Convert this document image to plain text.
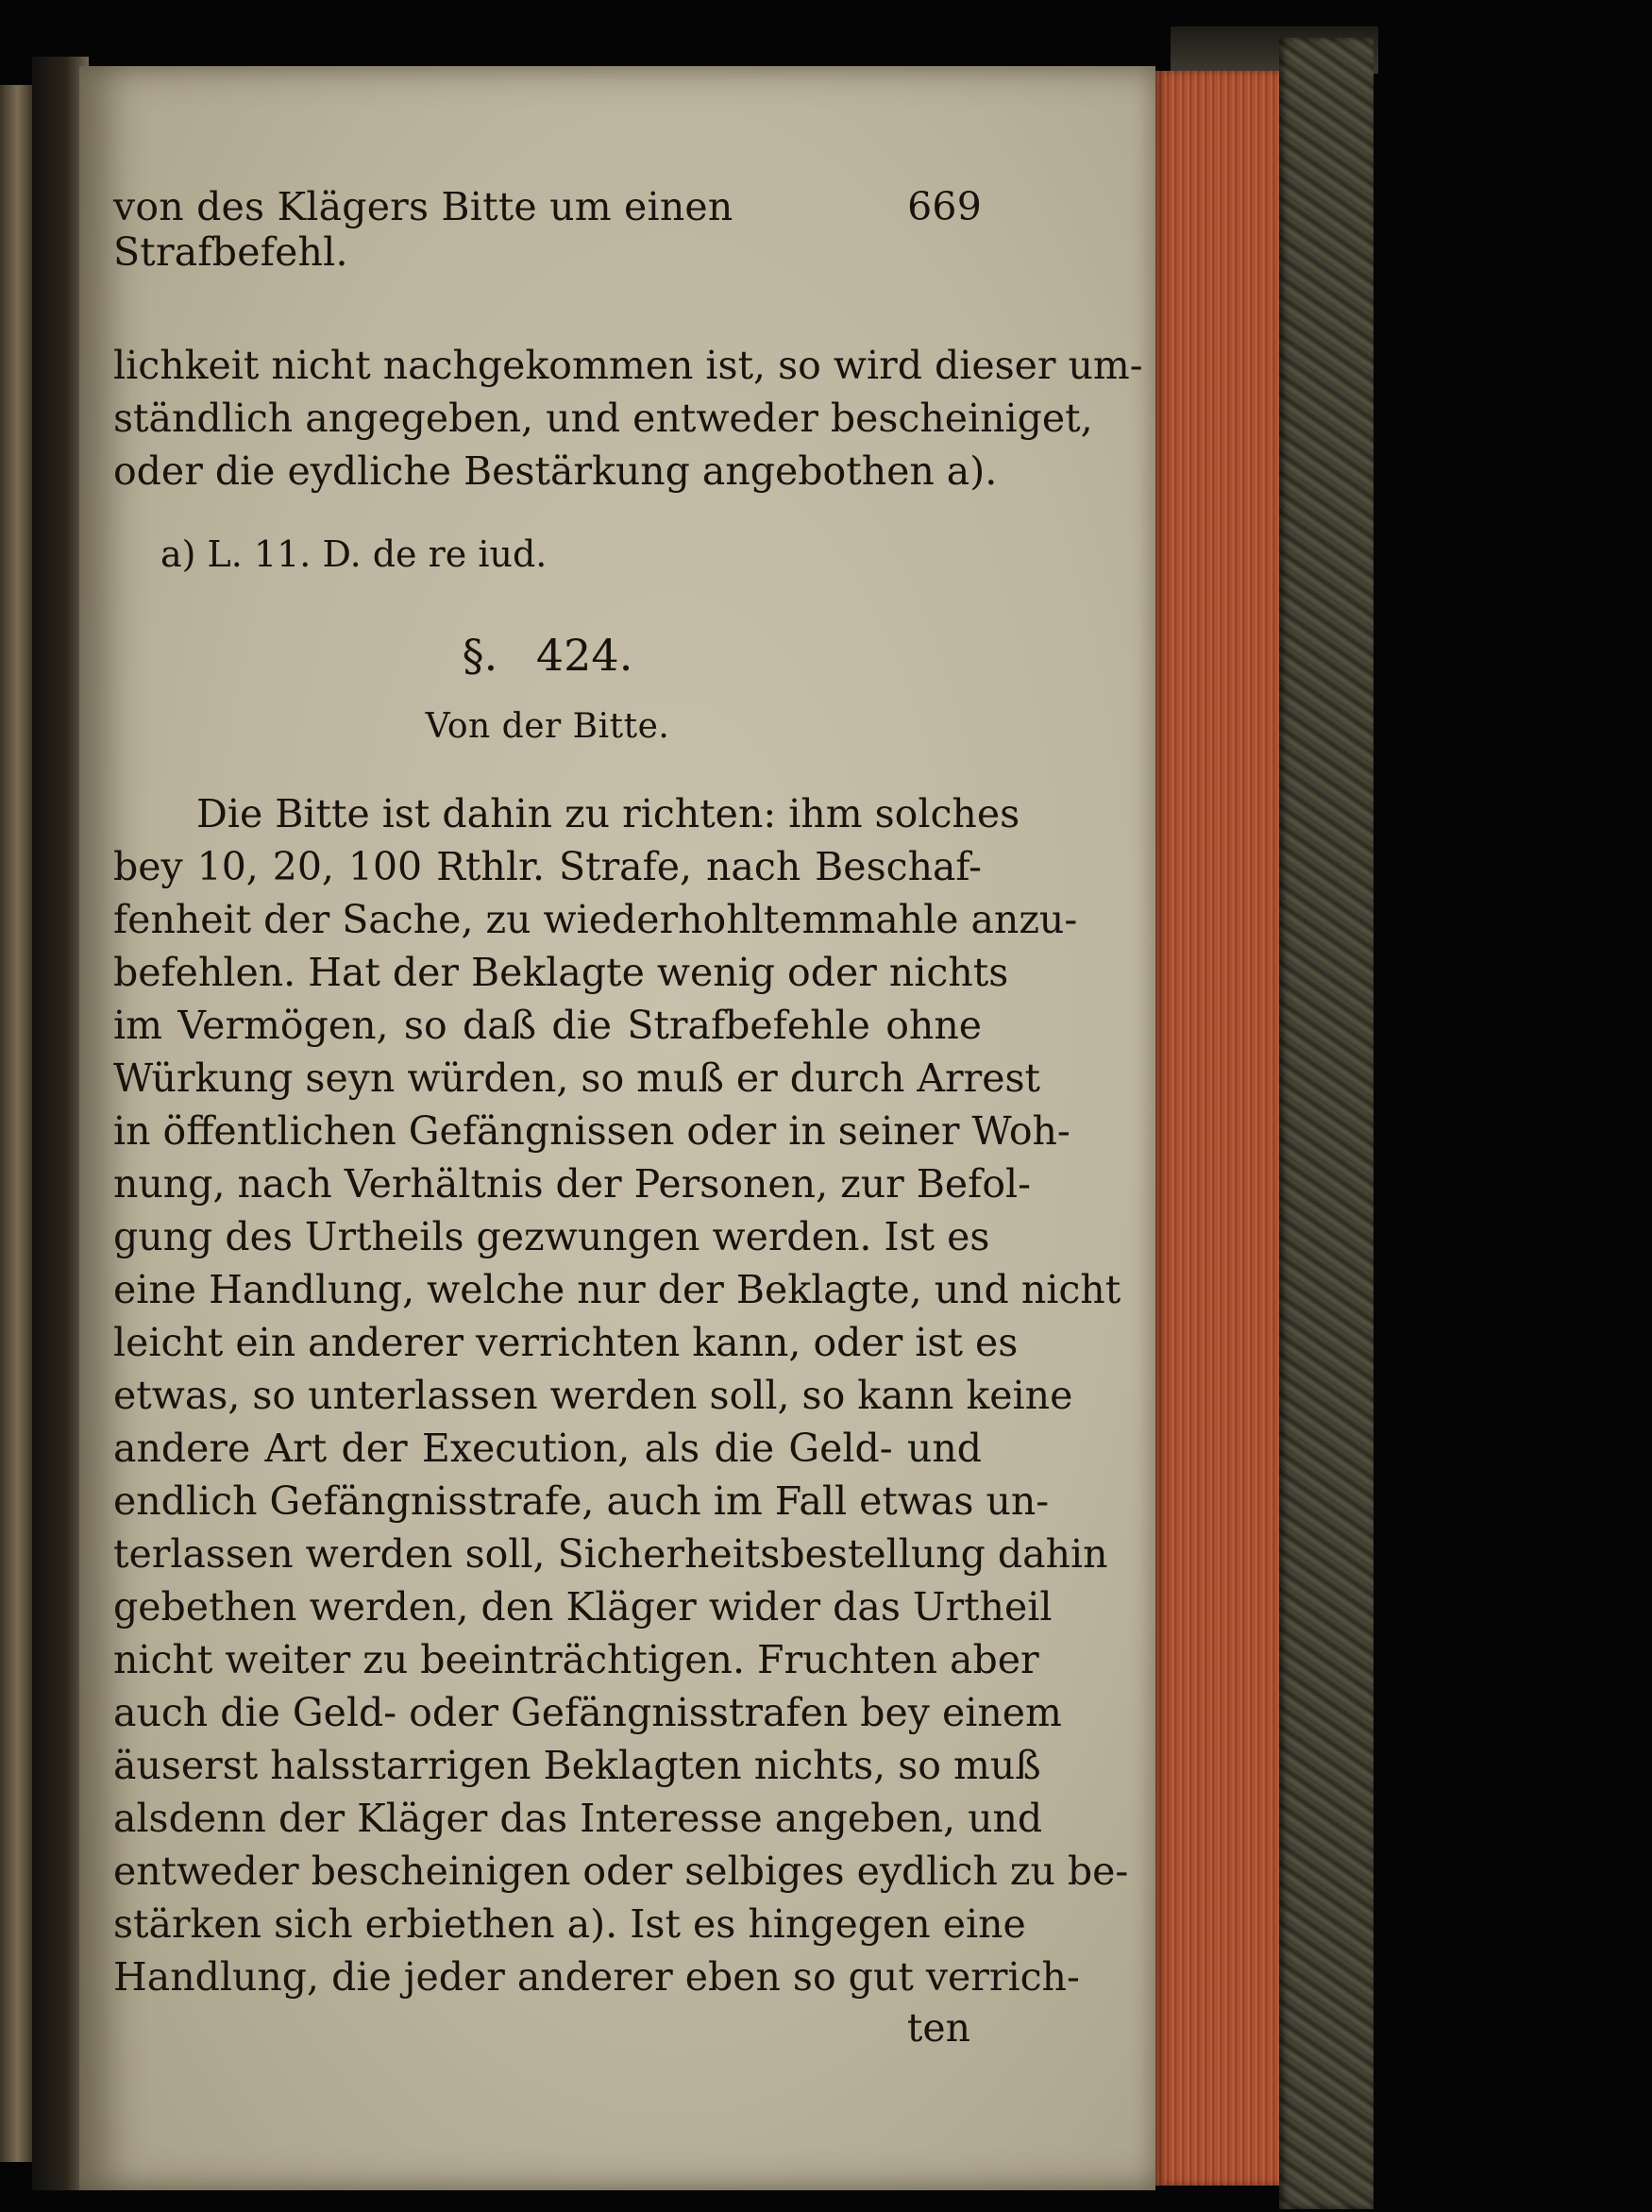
von des Klägers Bitte um einen Strafbefehl.
669
lichkeit nicht nachgekommen ist, so wird dieser um-
ständlich angegeben, und entweder bescheiniget,
oder die eydliche Bestärkung angebothen a).
a) L. 11. D. de re iud.
§. 424.
Von der Bitte.
Die Bitte ist dahin zu richten: ihm solches
bey 10, 20, 100 Rthlr. Strafe, nach Beschaf-
fenheit der Sache, zu wiederhohltemmahle anzu-
befehlen. Hat der Beklagte wenig oder nichts
im Vermögen, so daß die Strafbefehle ohne
Würkung seyn würden, so muß er durch Arrest
in öffentlichen Gefängnissen oder in seiner Woh-
nung, nach Verhältnis der Personen, zur Befol-
gung des Urtheils gezwungen werden. Ist es
eine Handlung, welche nur der Beklagte, und nicht
leicht ein anderer verrichten kann, oder ist es
etwas, so unterlassen werden soll, so kann keine
andere Art der Execution, als die Geld- und
endlich Gefängnisstrafe, auch im Fall etwas un-
terlassen werden soll, Sicherheitsbestellung dahin
gebethen werden, den Kläger wider das Urtheil
nicht weiter zu beeinträchtigen. Fruchten aber
auch die Geld- oder Gefängnisstrafen bey einem
äuserst halsstarrigen Beklagten nichts, so muß
alsdenn der Kläger das Interesse angeben, und
entweder bescheinigen oder selbiges eydlich zu be-
stärken sich erbiethen a). Ist es hingegen eine
Handlung, die jeder anderer eben so gut verrich-
ten
